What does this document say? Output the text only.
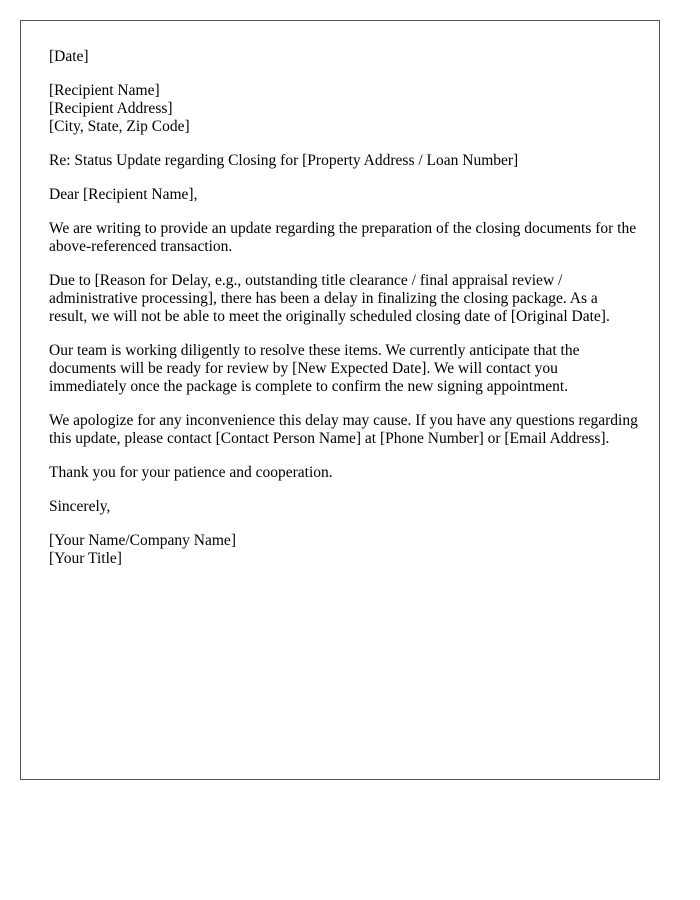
[Date]
[Recipient Name]
[Recipient Address]
[City, State, Zip Code]
Re: Status Update regarding Closing for [Property Address / Loan Number]
Dear [Recipient Name],

We are writing to provide an update regarding the preparation of the closing documents for the above-referenced transaction.

Due to [Reason for Delay, e.g., outstanding title clearance / final appraisal review / administrative processing], there has been a delay in finalizing the closing package. As a result, we will not be able to meet the originally scheduled closing date of [Original Date].

Our team is working diligently to resolve these items. We currently anticipate that the documents will be ready for review by [New Expected Date]. We will contact you immediately once the package is complete to confirm the new signing appointment.

We apologize for any inconvenience this delay may cause. If you have any questions regarding this update, please contact [Contact Person Name] at [Phone Number] or [Email Address].

Thank you for your patience and cooperation.

Sincerely,
[Your Name/Company Name]
[Your Title]
